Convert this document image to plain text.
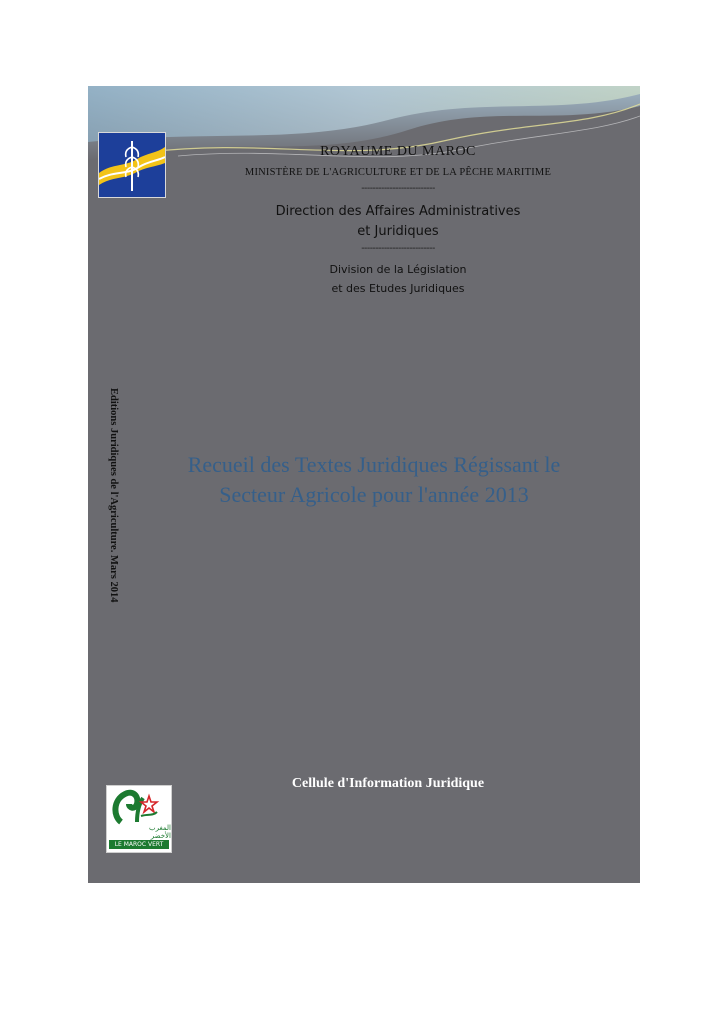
ROYAUME DU MAROC
MINISTÈRE DE L'AGRICULTURE ET DE LA PÊCHE MARITIME
--------------------------
Direction des Affaires Administratives
et Juridiques
--------------------------
Division de la Législation
et des Etudes Juridiques
Editions Juridiques de l'Agriculture. Mars 2014	Recueil des Textes Juridiques Régissant le
Secteur Agricole pour l'année 2013
Cellule d'Information Juridique
المغرب الأخضر
LE MAROC VERT
